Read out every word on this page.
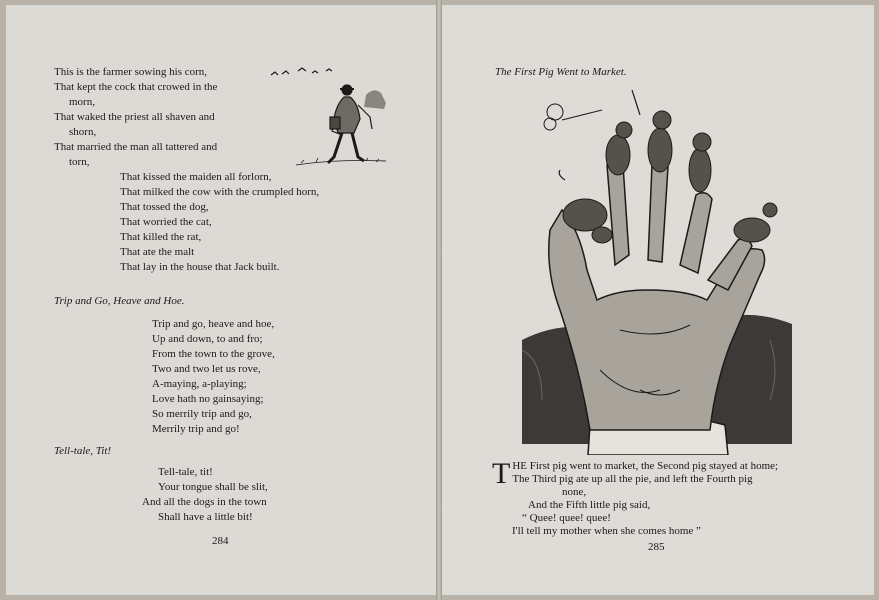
This is the farmer sowing his corn,
That kept the cock that crowed in the
morn,
That waked the priest all shaven and
shorn,
That married the man all tattered and
torn,
That kissed the maiden all forlorn,
That milked the cow with the crumpled horn,
That tossed the dog,
That worried the cat,
That killed the rat,
That ate the malt
That lay in the house that Jack built.
Trip and Go, Heave and Hoe.
Trip and go, heave and hoe,
Up and down, to and fro;
From the town to the grove,
Two and two let us rove,
A-maying, a-playing;
Love hath no gainsaying;
So merrily trip and go,
Merrily trip and go!
Tell-tale, Tit!
Tell-tale, tit!
Your tongue shall be slit,
And all the dogs in the town
Shall have a little bit!
284
The First Pig Went to Market.
T HE First pig went to market, the Second pig stayed at home;
The Third pig ate up all the pie, and left the Fourth pig
none,
And the Fifth little pig said,
“ Quee! quee! quee!
I'll tell my mother when she comes home ”
285
